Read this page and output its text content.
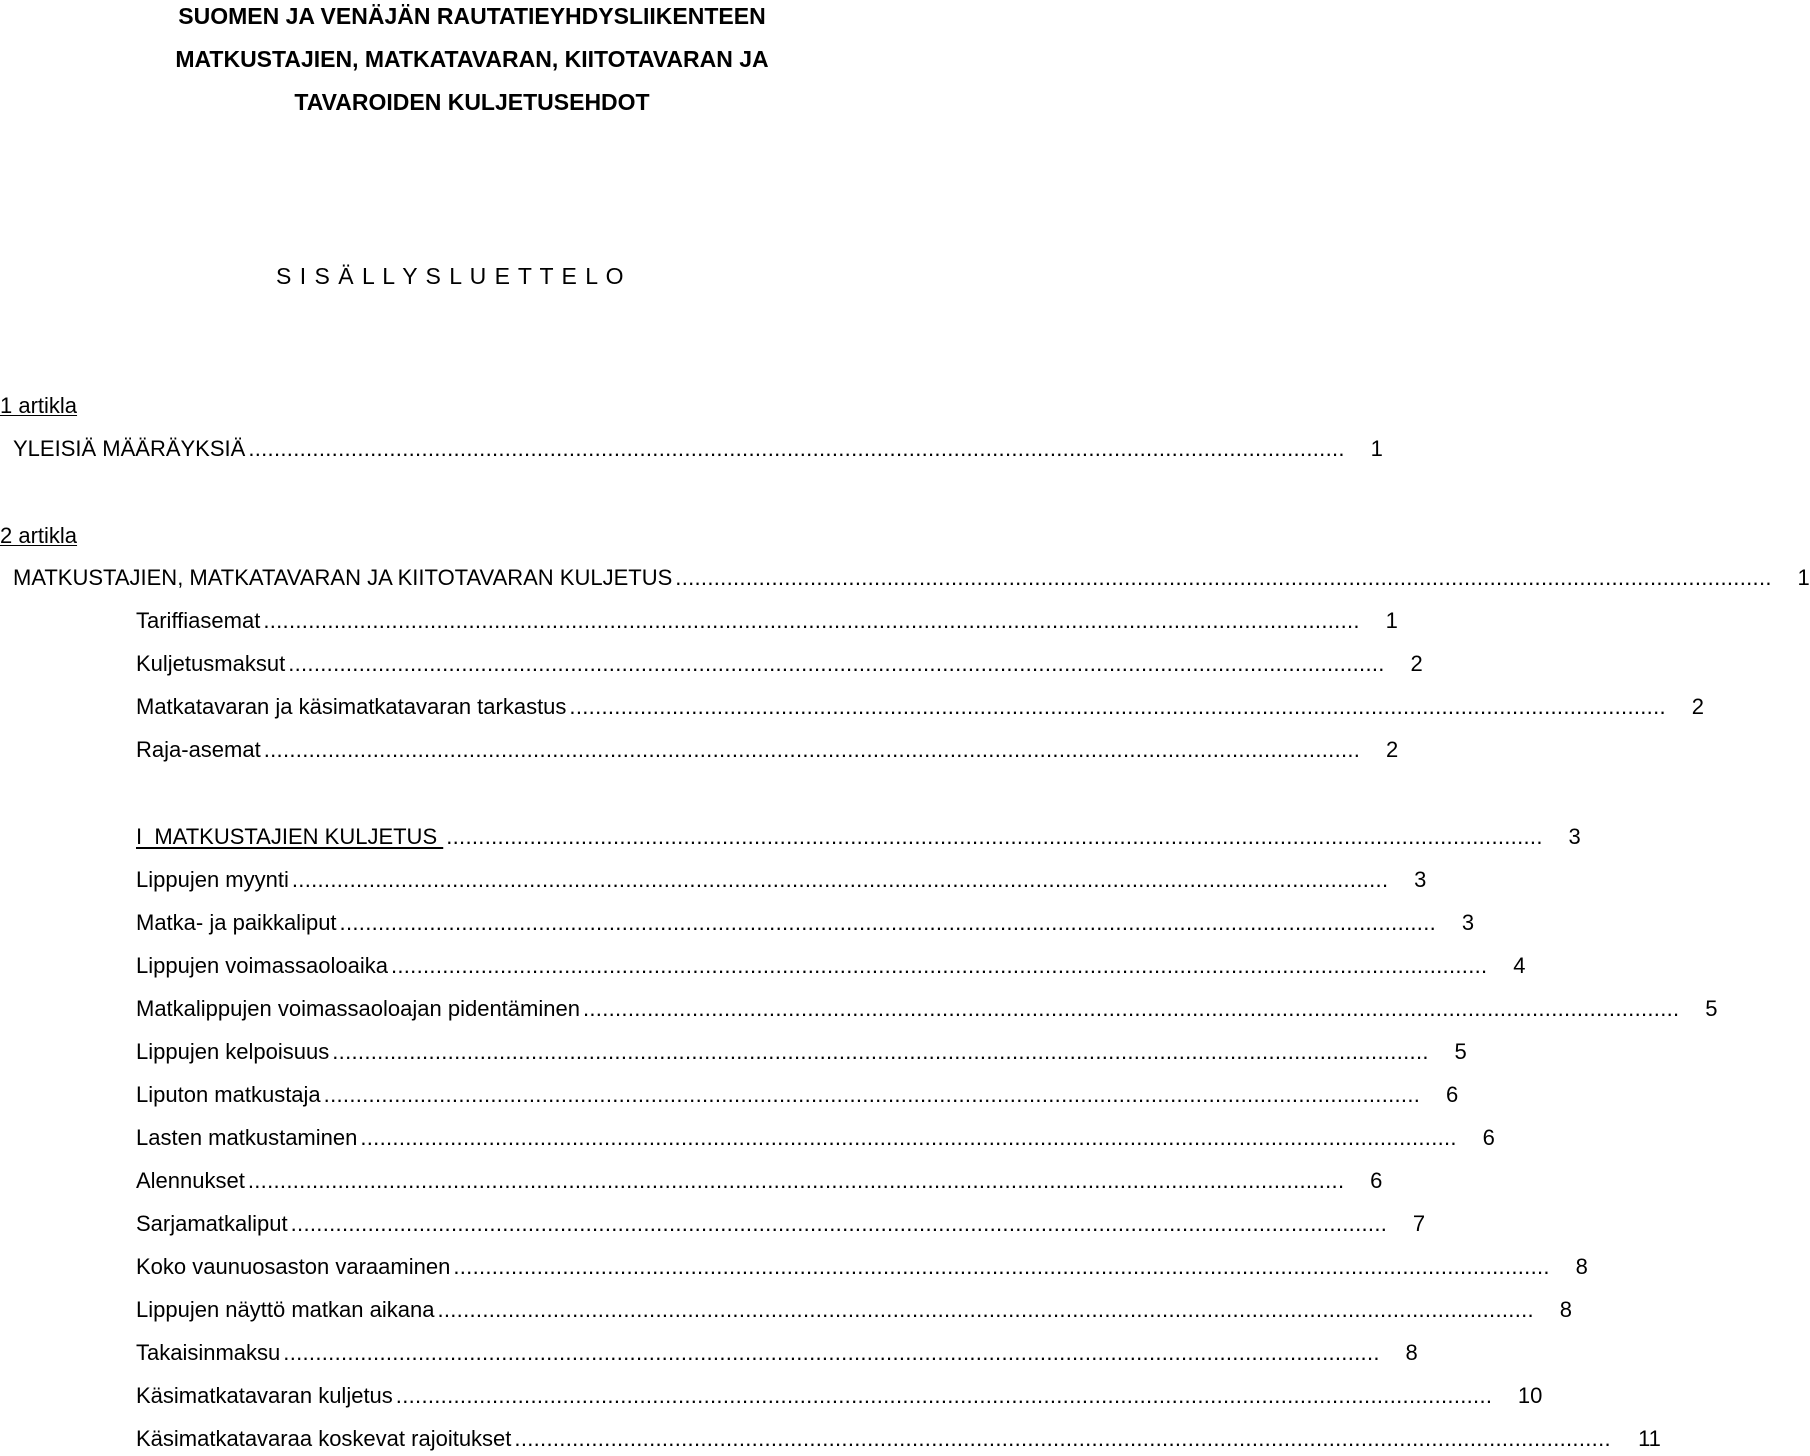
SUOMEN JA VENÄJÄN RAUTATIEYHDYSLIIKENTEEN
MATKUSTAJIEN, MATKATAVARAN, KIITOTAVARAN JA
TAVAROIDEN KULJETUSEHDOT
S I S Ä L L Y S L U E T T E L O
1 artikla
YLEISIÄ MÄÄRÄYKSIÄ ...........................................................................................................................................................................	1
2 artikla
MATKUSTAJIEN, MATKATAVARAN JA KIITOTAVARAN KULJETUS ...........................................................................................................................................................................	1
Tariffiasemat ...........................................................................................................................................................................	1
Kuljetusmaksut ...........................................................................................................................................................................	2
Matkatavaran ja käsimatkatavaran tarkastus ...........................................................................................................................................................................	2
Raja-asemat ...........................................................................................................................................................................	2
I  MATKUSTAJIEN KULJETUS ...........................................................................................................................................................................	3
Lippujen myynti ...........................................................................................................................................................................	3
Matka- ja paikkaliput ...........................................................................................................................................................................	3
Lippujen voimassaoloaika ...........................................................................................................................................................................	4
Matkalippujen voimassaoloajan pidentäminen ...........................................................................................................................................................................	5
Lippujen kelpoisuus ...........................................................................................................................................................................	5
Liputon matkustaja ...........................................................................................................................................................................	6
Lasten matkustaminen ...........................................................................................................................................................................	6
Alennukset ...........................................................................................................................................................................	6
Sarjamatkaliput ...........................................................................................................................................................................	7
Koko vaunuosaston varaaminen ...........................................................................................................................................................................	8
Lippujen näyttö matkan aikana ...........................................................................................................................................................................	8
Takaisinmaksu ...........................................................................................................................................................................	8
Käsimatkatavaran kuljetus ...........................................................................................................................................................................	10
Käsimatkatavaraa koskevat rajoitukset ...........................................................................................................................................................................	11
